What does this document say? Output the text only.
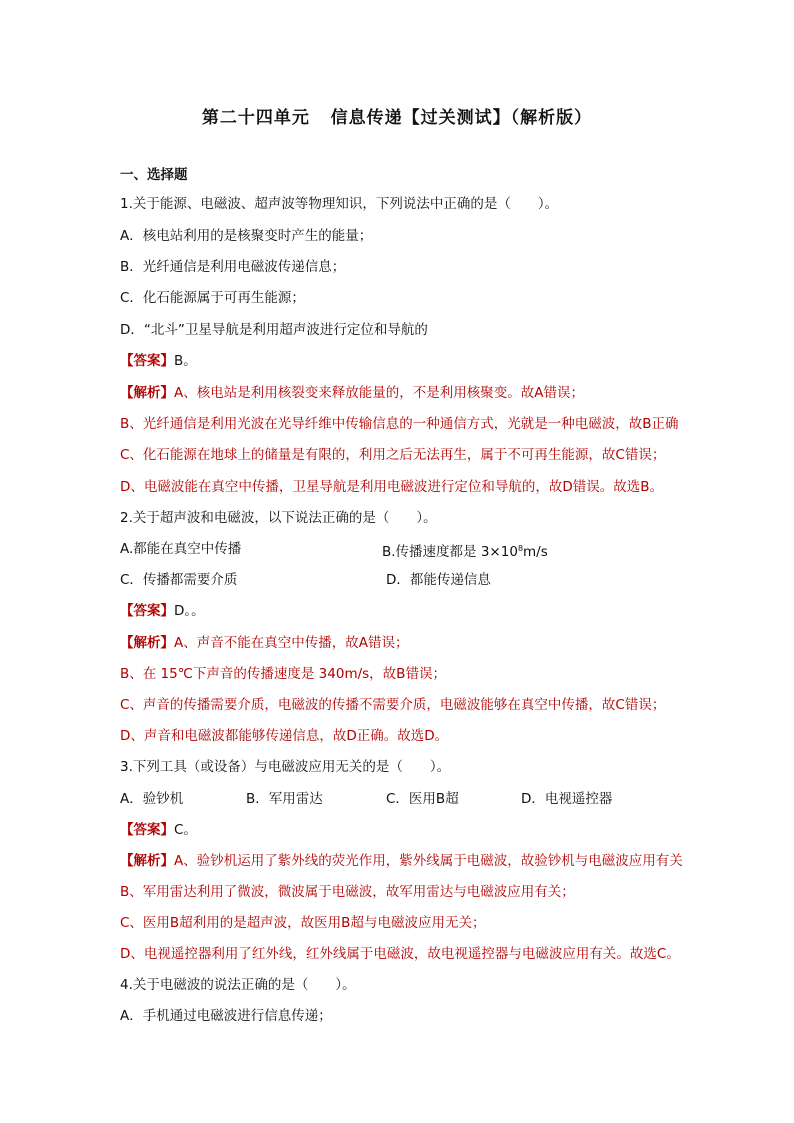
第二十四单元   信息传递【过关测试】（解析版）
一、选择题
1.关于能源、电磁波、超声波等物理知识，下列说法中正确的是（　　）。
A．核电站利用的是核聚变时产生的能量；
B．光纤通信是利用电磁波传递信息；
C．化石能源属于可再生能源；
D．“北斗”卫星导航是利用超声波进行定位和导航的
【答案】B。
【解析】A、核电站是利用核裂变来释放能量的，不是利用核聚变。故A错误；
B、光纤通信是利用光波在光导纤维中传输信息的一种通信方式，光就是一种电磁波，故B正确
C、化石能源在地球上的储量是有限的，利用之后无法再生，属于不可再生能源，故C错误；
D、电磁波能在真空中传播，卫星导航是利用电磁波进行定位和导航的，故D错误。故选B。
2.关于超声波和电磁波，以下说法正确的是（　　）。
A.都能在真空中传播	B.传播速度都是 $3\times 10^8m/s$
C．传播都需要介质	D．都能传递信息
【答案】D。。
【解析】A、声音不能在真空中传播，故A错误；
B、在 15℃下声音的传播速度是 340m/s，故B错误；
C、声音的传播需要介质，电磁波的传播不需要介质，电磁波能够在真空中传播，故C错误；
D、声音和电磁波都能够传递信息，故D正确。故选D。
3.下列工具（或设备）与电磁波应用无关的是（　　）。
A．验钞机	B．军用雷达	C．医用B超	D．电视遥控器
【答案】C。
【解析】A、验钞机运用了紫外线的荧光作用，紫外线属于电磁波，故验钞机与电磁波应用有关
B、军用雷达利用了微波，微波属于电磁波，故军用雷达与电磁波应用有关；
C、医用B超利用的是超声波，故医用B超与电磁波应用无关；
D、电视遥控器利用了红外线，红外线属于电磁波，故电视遥控器与电磁波应用有关。故选C。
4.关于电磁波的说法正确的是（　　）。
A．手机通过电磁波进行信息传递；
